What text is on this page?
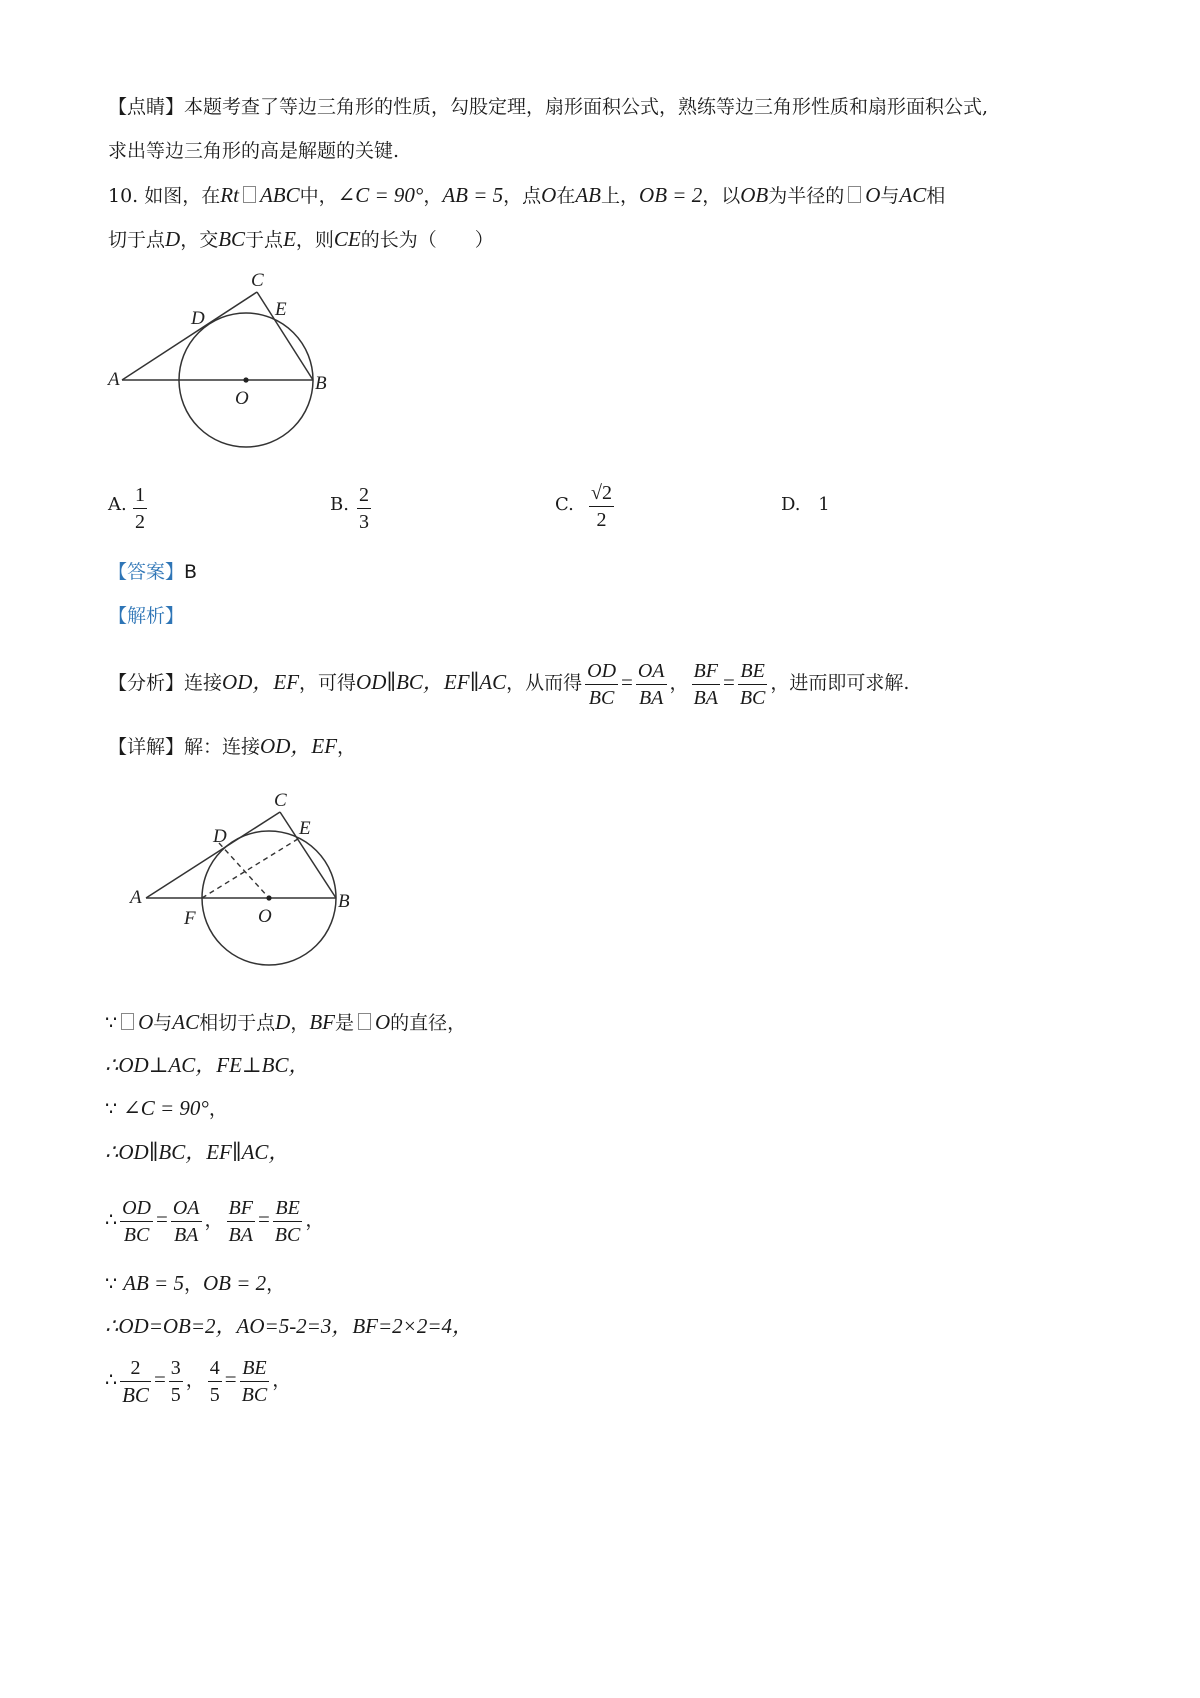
【点睛】本题考查了等边三角形的性质，勾股定理，扇形面积公式，熟练等边三角形性质和扇形面积公式,
求出等边三角形的高是解题的关键.
10. 如图，在Rt ABC中，∠C = 90°，AB = 5，点O在AB上，OB = 2，以OB为半径的 O与AC相
切于点D，交BC于点E，则CE的长为（　　）
A	B
C
D	E
O
A. 1
2
B. 2
3
C.
√2
2
D. 1
【答案】B
【解析】
【分析】连接OD，EF，可得OD∥BC，EF∥AC，从而得 $\frac{OD}{BC} = \frac{OA}{BA}$ ， $\frac{BF}{BA} = \frac{BE}{BC}$ ，进而即可求解.
【详解】解：连接OD，EF，
A	B
C
D	E
F	O
∵ O与AC相切于点D，BF是 O的直径，
∴OD⊥AC，FE⊥BC，
∵ ∠C = 90°，
∴OD∥BC，EF∥AC，
∴ $\frac{OD}{BC} = \frac{OA}{BA}$ ， $\frac{BF}{BA} = \frac{BE}{BC}$ ，
∵ AB = 5，OB = 2，
∴OD=OB=2，AO=5-2=3，BF=2×2=4，
∴ $\frac{2}{BC} = \frac{3}{5}$ ， $\frac{4}{5} = \frac{BE}{BC}$ ，
